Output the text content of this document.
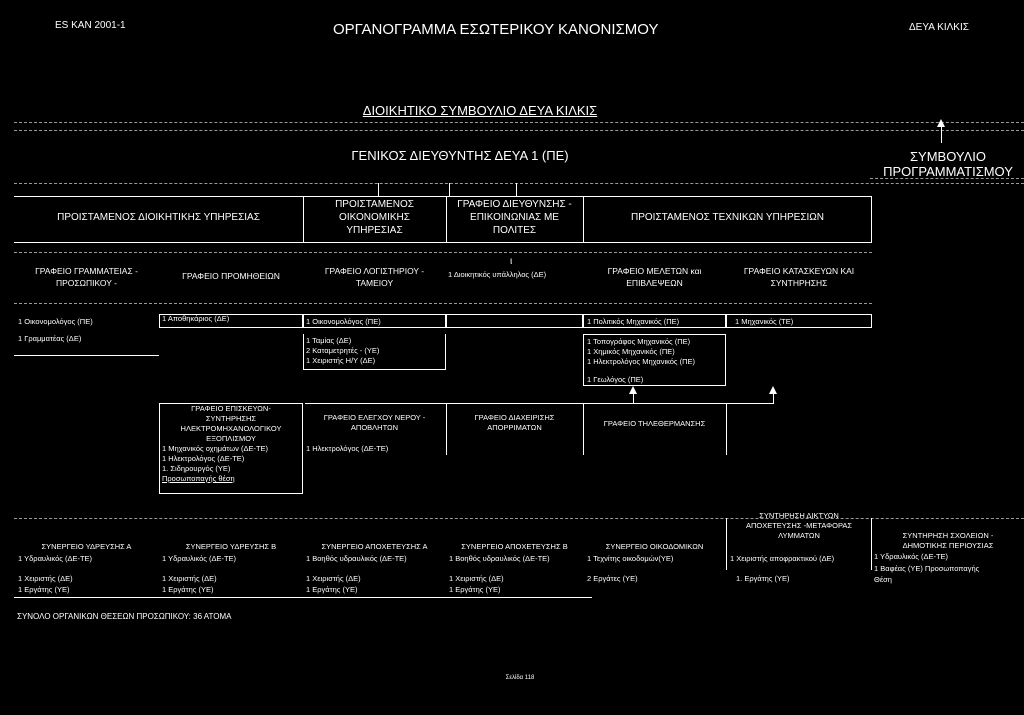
ES KAN 2001-1	ΟΡΓΑΝΟΓΡΑΜΜΑ ΕΣΩΤΕΡΙΚΟΥ ΚΑΝΟΝΙΣΜΟΥ	ΔΕΥΑ ΚΙΛΚΙΣ
ΔΙΟΙΚΗΤΙΚΟ ΣΥΜΒΟΥΛΙΟ ΔΕΥΑ ΚΙΛΚΙΣ
ΓΕΝΙΚΟΣ ΔΙΕΥΘΥΝΤΗΣ ΔΕΥΑ 1 (ΠΕ)	ΣΥΜΒΟΥΛΙΟ
ΠΡΟΓΡΑΜΜΑΤΙΣΜΟΥ
ΠΡΟΙΣΤΑΜΕΝΟΣ ΔΙΟΙΚΗΤΙΚΗΣ ΥΠΗΡΕΣΙΑΣ
ΠΡΟΙΣΤΑΜΕΝΟΣ
ΟΙΚΟΝΟΜΙΚΗΣ
ΥΠΗΡΕΣΙΑΣ
ΓΡΑΦΕΙΟ ΔΙΕΥΘΥΝΣΗΣ -
ΕΠΙΚΟΙΝΩΝΙΑΣ ΜΕ
ΠΟΛΙΤΕΣ
ΠΡΟΙΣΤΑΜΕΝΟΣ ΤΕΧΝΙΚΩΝ ΥΠΗΡΕΣΙΩΝ
ΓΡΑΦΕΙΟ ΓΡΑΜΜΑΤΕΙΑΣ -
ΠΡΟΣΩΠΙΚΟΥ -
ΓΡΑΦΕΙΟ ΠΡΟΜΗΘΕΙΩΝ	ΓΡΑΦΕΙΟ ΛΟΓΙΣΤΗΡΙΟΥ -
ΤΑΜΕΙΟΥ
ι
1 Διοικητικός υπάλληλος (ΔΕ)	ΓΡΑΦΕΙΟ ΜΕΛΕΤΩΝ και
ΕΠΙΒΛΕΨΕΩΝ
ΓΡΑΦΕΙΟ ΚΑΤΑΣΚΕΥΩΝ ΚΑΙ
ΣΥΝΤΗΡΗΣΗΣ
1 Οικονομολόγος (ΠΕ)
1 Γραμματέας (ΔΕ)
1 Αποθηκάριος (ΔΕ)	1 Οικονομολόγος (ΠΕ)
1 Ταμίας (ΔΕ)
2 Καταμετρητές - (ΥΕ)
1 Χειριστής Η/Υ (ΔΕ)
1 Πολιτικός Μηχανικός (ΠΕ)
1 Τοπογράφος Μηχανικός (ΠΕ)
1 Χημικός Μηχανικός (ΠΕ)
1 Ηλεκτρολόγος Μηχανικός (ΠΕ)
1 Γεωλόγος (ΠΕ)
1 Μηχανικός (ΤΕ)
ΓΡΑΦΕΙΟ ΕΠΙΣΚΕΥΩΝ-
ΣΥΝΤΗΡΗΣΗΣ
ΗΛΕΚΤΡΟΜΗΧΑΝΟΛΟΓΙΚΟΥ
ΕΞΟΠΛΙΣΜΟΥ
1 Μηχανικός οχημάτων (ΔΕ-ΤΕ)
1 Ηλεκτρολόγος (ΔΕ-ΤΕ)
1. Σιδηρουργός (ΥΕ)
Προσωποπαγής θέση
ΓΡΑΦΕΙΟ ΕΛΕΓΧΟΥ ΝΕΡΟΥ -
ΑΠΟΒΛΗΤΩΝ
1 Ηλεκτρολόγος (ΔΕ-ΤΕ)
ΓΡΑΦΕΙΟ ΔΙΑΧΕΙΡΙΣΗΣ
ΑΠΟΡΡΙΜΑΤΩΝ	ΓΡΑΦΕΙΟ ΤΗΛΕΘΕΡΜΑΝΣΗΣ
ΣΥΝΕΡΓΕΙΟ ΥΔΡΕΥΣΗΣ Α
1 Υδραυλικός (ΔΕ-ΤΕ)
1 Χειριστής (ΔΕ)
1 Εργάτης (ΥΕ)
ΣΥΝΕΡΓΕΙΟ ΥΔΡΕΥΣΗΣ Β
1 Υδραυλικός (ΔΕ-ΤΕ)
1 Χειριστής (ΔΕ)
1 Εργάτης (ΥΕ)
ΣΥΝΕΡΓΕΙΟ ΑΠΟΧΕΤΕΥΣΗΣ Α
1 Βοηθός υδραυλικός (ΔΕ-ΤΕ)
1 Χειριστής (ΔΕ)
1 Εργάτης (ΥΕ)
ΣΥΝΕΡΓΕΙΟ ΑΠΟΧΕΤΕΥΣΗΣ Β
1 Βοηθός υδραυλικός (ΔΕ-ΤΕ)
1 Χειριστής (ΔΕ)
1 Εργάτης (ΥΕ)
ΣΥΝΕΡΓΕΙΟ ΟΙΚΟΔΟΜΙΚΩΝ
1 Τεχνίτης οικοδομών(ΥΕ)
2 Εργάτες (ΥΕ)
ΣΥΝΤΗΡΗΣΗ ΔΙΚΤΥΩΝ
ΑΠΟΧΕΤΕΥΣΗΣ -ΜΕΤΑΦΟΡΑΣ
ΛΥΜΜΑΤΩΝ
1 Χειριστής αποφρακτικού (ΔΕ)
1. Εργάτης (ΥΕ)
ΣΥΝΤΗΡΗΣΗ ΣΧΟΛΕΙΩΝ -
ΔΗΜΟΤΙΚΗΣ ΠΕΡΙΟΥΣΙΑΣ
1 Υδραυλικός (ΔΕ-ΤΕ)
1 Βαφέας (ΥΕ) Προσωποπαγής
Θέση
ΣΥΝΟΛΟ ΟΡΓΑΝΙΚΩΝ ΘΕΣΕΩΝ ΠΡΟΣΩΠΙΚΟΥ: 36 ΑΤΟΜΑ
Σελίδα 118
